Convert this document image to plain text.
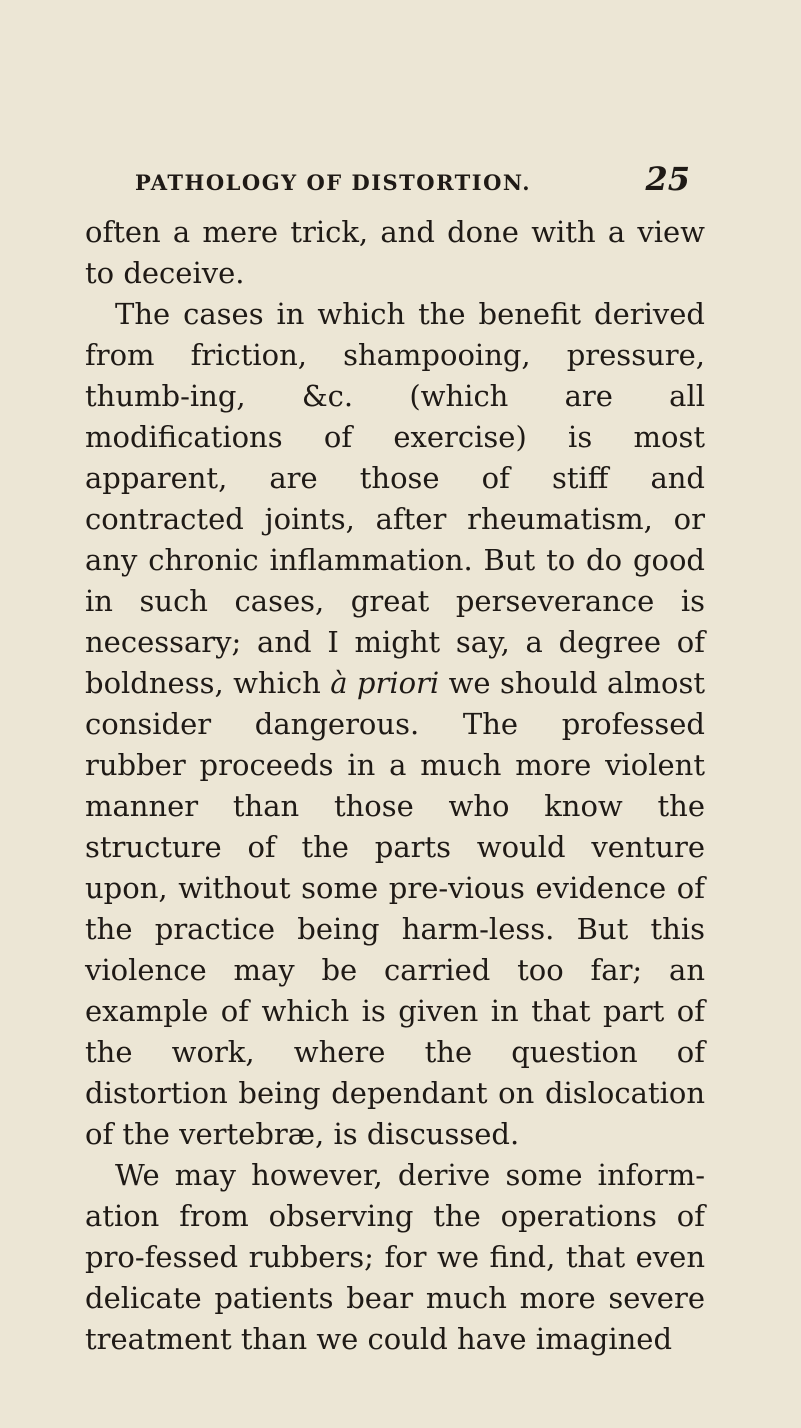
PATHOLOGY OF DISTORTION.	25

often a mere trick, and done with a view to deceive.

The cases in which the benefit derived from friction, shampooing, pressure, thumb-ing, &c. (which are all modifications of exercise) is most apparent, are those of stiff and contracted joints, after rheumatism, or any chronic inflammation. But to do good in such cases, great perseverance is necessary; and I might say, a degree of boldness, which à priori we should almost consider dangerous. The professed rubber proceeds in a much more violent manner than those who know the structure of the parts would venture upon, without some pre-vious evidence of the practice being harm-less. But this violence may be carried too far; an example of which is given in that part of the work, where the question of distortion being dependant on dislocation of the vertebræ, is discussed.

We may however, derive some inform-ation from observing the operations of pro-fessed rubbers; for we find, that even delicate patients bear much more severe treatment than we could have imagined
